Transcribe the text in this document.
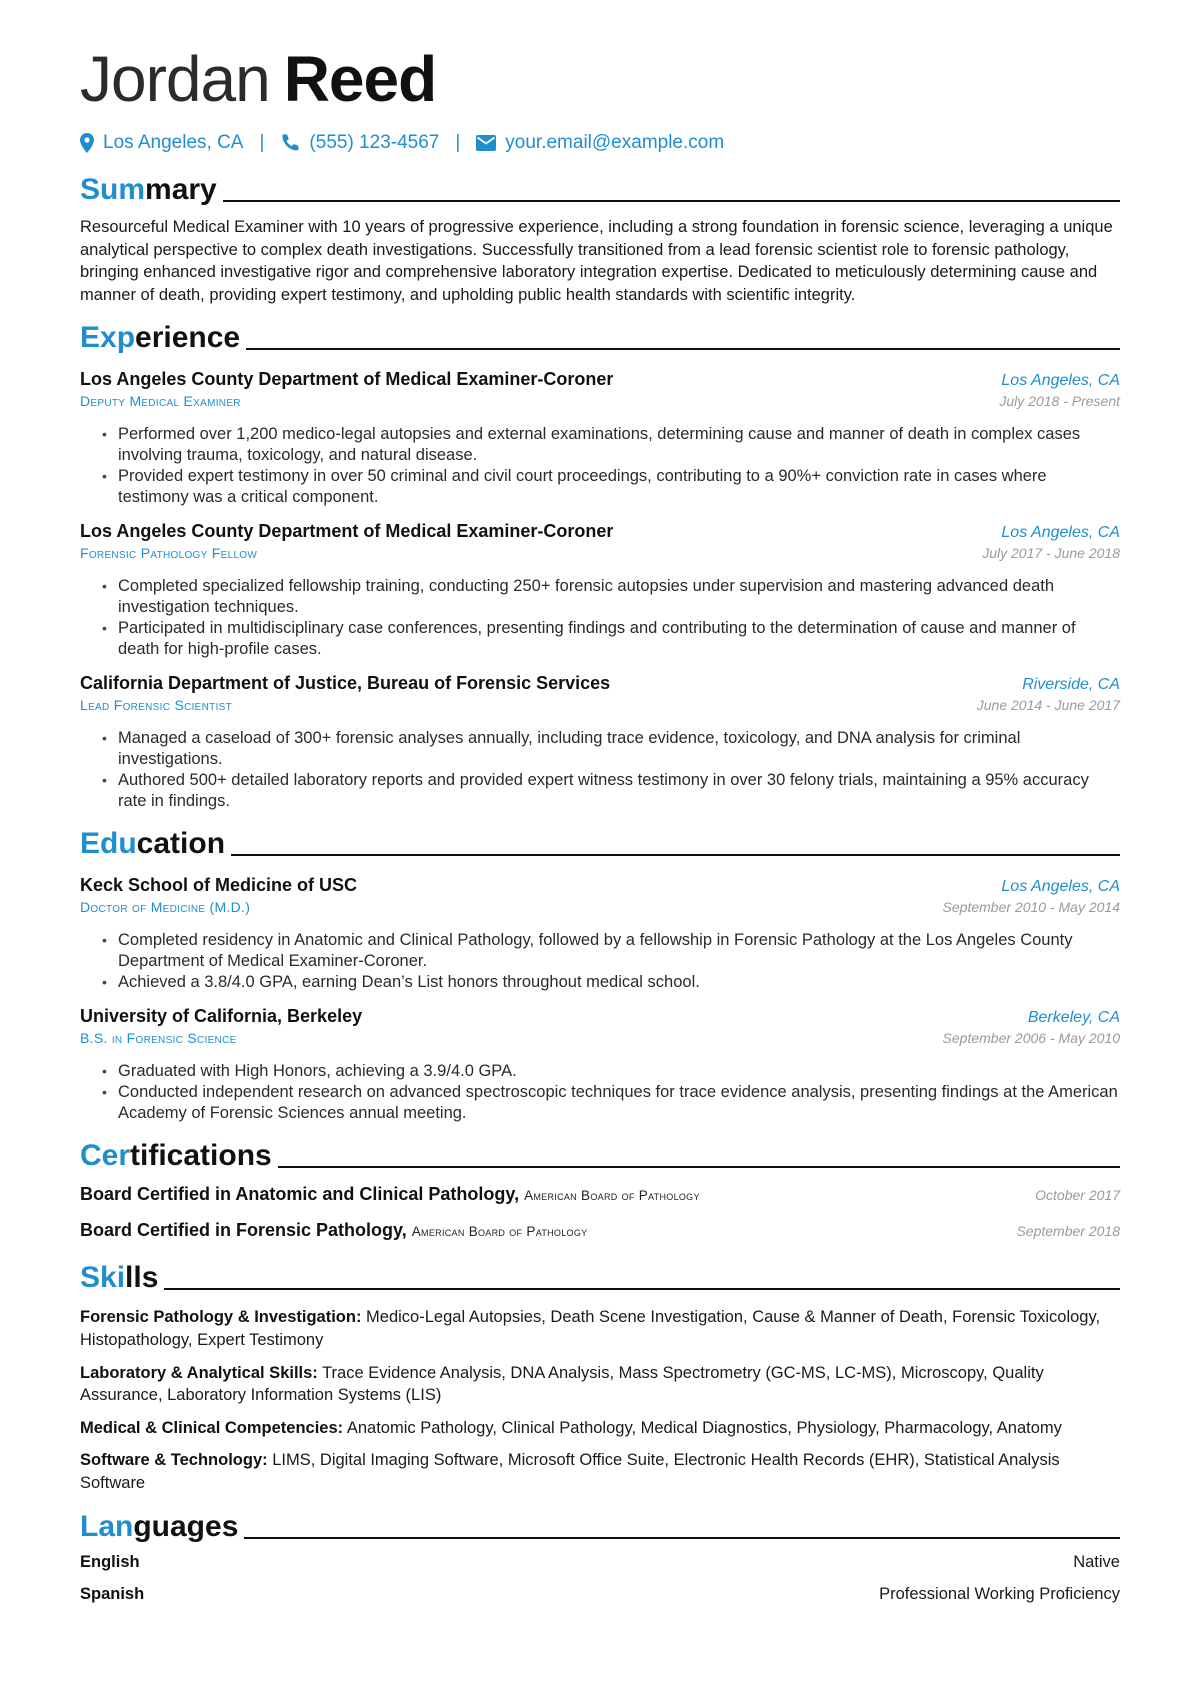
Jordan Reed
Los Angeles, CA | (555) 123-4567 | your.email@example.com
Summary

Resourceful Medical Examiner with 10 years of progressive experience, including a strong foundation in forensic science, leveraging a unique analytical perspective to complex death investigations. Successfully transitioned from a lead forensic scientist role to forensic pathology, bringing enhanced investigative rigor and comprehensive laboratory integration expertise. Dedicated to meticulously determining cause and manner of death, providing expert testimony, and upholding public health standards with scientific integrity.

Experience
Los Angeles County Department of Medical Examiner-Coroner	Los Angeles, CA
Deputy Medical Examiner	July 2018 - Present
• Performed over 1,200 medico-legal autopsies and external examinations, determining cause and manner of death in complex cases involving trauma, toxicology, and natural disease.
• Provided expert testimony in over 50 criminal and civil court proceedings, contributing to a 90%+ conviction rate in cases where testimony was a critical component.
Los Angeles County Department of Medical Examiner-Coroner	Los Angeles, CA
Forensic Pathology Fellow	July 2017 - June 2018
• Completed specialized fellowship training, conducting 250+ forensic autopsies under supervision and mastering advanced death investigation techniques.
• Participated in multidisciplinary case conferences, presenting findings and contributing to the determination of cause and manner of death for high-profile cases.
California Department of Justice, Bureau of Forensic Services	Riverside, CA
Lead Forensic Scientist	June 2014 - June 2017
• Managed a caseload of 300+ forensic analyses annually, including trace evidence, toxicology, and DNA analysis for criminal investigations.
• Authored 500+ detailed laboratory reports and provided expert witness testimony in over 30 felony trials, maintaining a 95% accuracy rate in findings.
Education
Keck School of Medicine of USC	Los Angeles, CA
Doctor of Medicine (M.D.)	September 2010 - May 2014
• Completed residency in Anatomic and Clinical Pathology, followed by a fellowship in Forensic Pathology at the Los Angeles County Department of Medical Examiner-Coroner.
• Achieved a 3.8/4.0 GPA, earning Dean’s List honors throughout medical school.
University of California, Berkeley	Berkeley, CA
B.S. in Forensic Science	September 2006 - May 2010
• Graduated with High Honors, achieving a 3.9/4.0 GPA.
• Conducted independent research on advanced spectroscopic techniques for trace evidence analysis, presenting findings at the American Academy of Forensic Sciences annual meeting.
Certifications
Board Certified in Anatomic and Clinical Pathology, American Board of Pathology	October 2017
Board Certified in Forensic Pathology, American Board of Pathology	September 2018
Skills
Forensic Pathology & Investigation: Medico-Legal Autopsies, Death Scene Investigation, Cause & Manner of Death, Forensic Toxicology, Histopathology, Expert Testimony
Laboratory & Analytical Skills: Trace Evidence Analysis, DNA Analysis, Mass Spectrometry (GC-MS, LC-MS), Microscopy, Quality Assurance, Laboratory Information Systems (LIS)
Medical & Clinical Competencies: Anatomic Pathology, Clinical Pathology, Medical Diagnostics, Physiology, Pharmacology, Anatomy
Software & Technology: LIMS, Digital Imaging Software, Microsoft Office Suite, Electronic Health Records (EHR), Statistical Analysis Software
Languages
English	Native
Spanish	Professional Working Proficiency
